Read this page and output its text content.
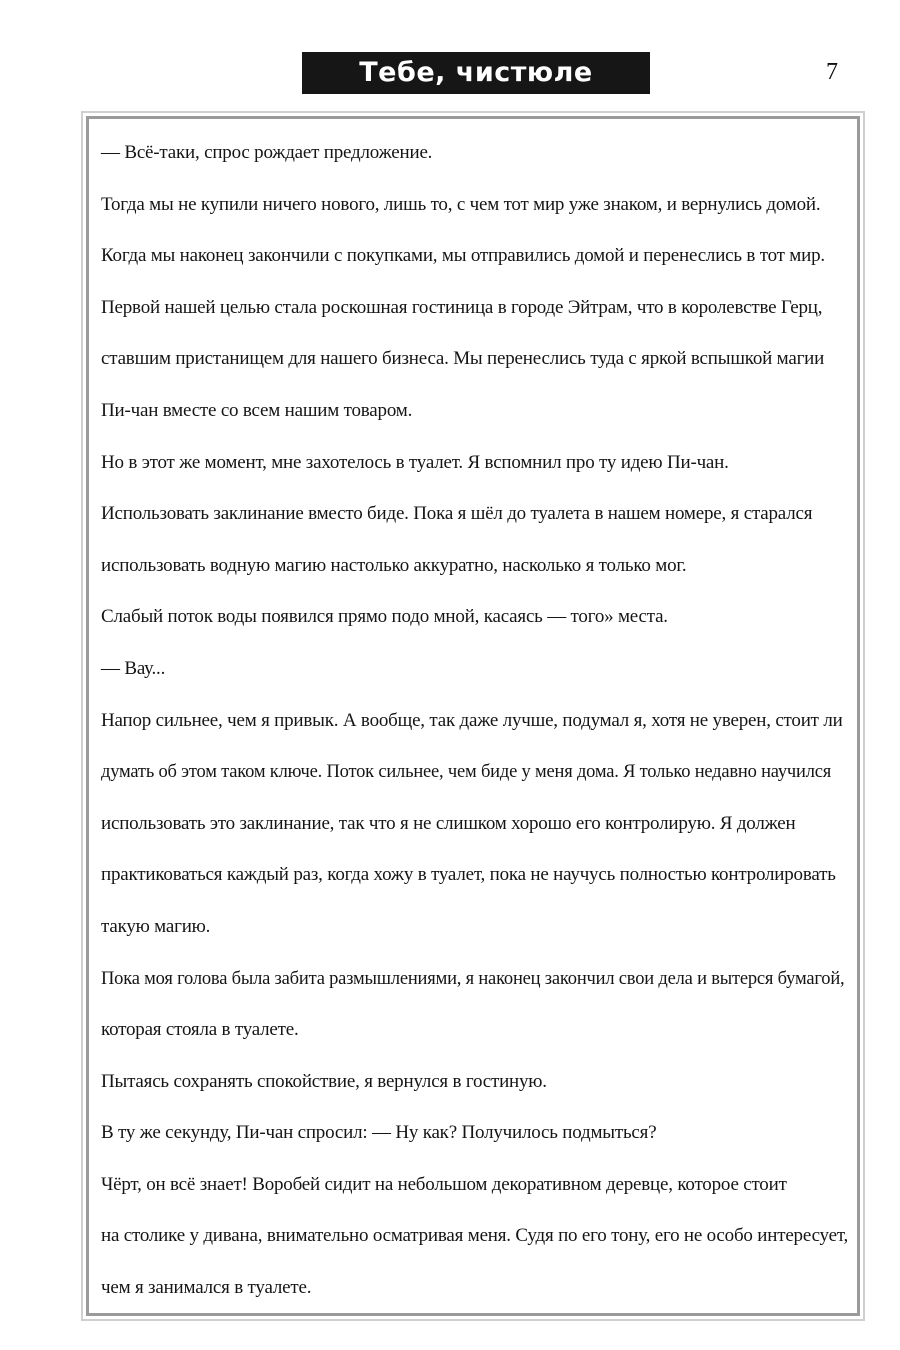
Тебе, чистюле	7
— Всё-таки, спрос рождает предложение.
Тогда мы не купили ничего нового, лишь то, с чем тот мир уже знаком, и вернулись домой.
Когда мы наконец закончили с покупками, мы отправились домой и перенеслись в тот мир.
Первой нашей целью стала роскошная гостиница в городе Эйтрам, что в королевстве Герц,
ставшим пристанищем для нашего бизнеса. Мы перенеслись туда с яркой вспышкой магии
Пи-чан вместе со всем нашим товаром.
Но в этот же момент, мне захотелось в туалет. Я вспомнил про ту идею Пи-чан.
Использовать заклинание вместо биде. Пока я шёл до туалета в нашем номере, я старался
использовать водную магию настолько аккуратно, насколько я только мог.
Слабый поток воды появился прямо подо мной, касаясь — того» места.
— Вау...
Напор сильнее, чем я привык. А вообще, так даже лучше, подумал я, хотя не уверен, стоит ли
думать об этом таком ключе. Поток сильнее, чем биде у меня дома. Я только недавно научился
использовать это заклинание, так что я не слишком хорошо его контролирую. Я должен
практиковаться каждый раз, когда хожу в туалет, пока не научусь полностью контролировать
такую магию.
Пока моя голова была забита размышлениями, я наконец закончил свои дела и вытерся бумагой,
которая стояла в туалете.
Пытаясь сохранять спокойствие, я вернулся в гостиную.
В ту же секунду, Пи-чан спросил: — Ну как? Получилось подмыться?
Чёрт, он всё знает! Воробей сидит на небольшом декоративном деревце, которое стоит
на столике у дивана, внимательно осматривая меня. Судя по его тону, его не особо интересует,
чем я занимался в туалете.
